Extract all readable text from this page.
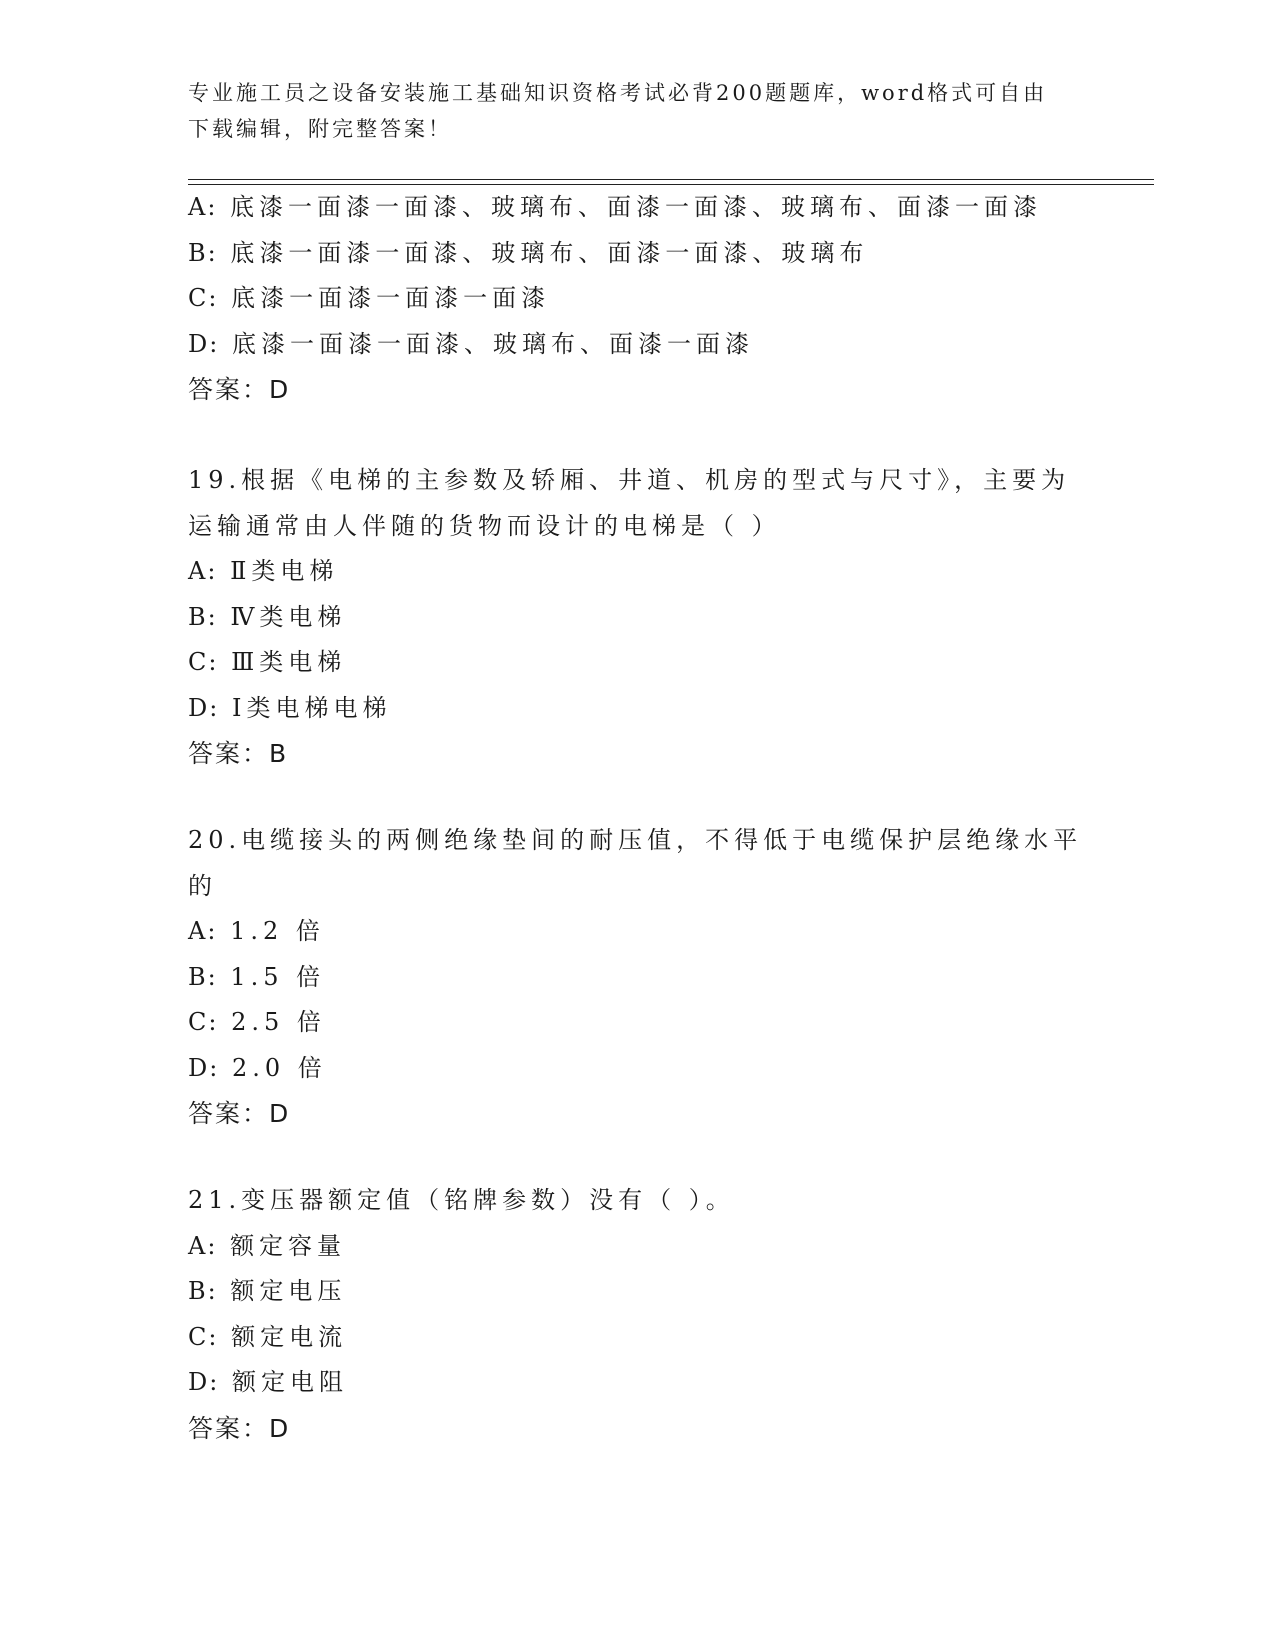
专业施工员之设备安装施工基础知识资格考试必背200题题库，word格式可自由
下载编辑，附完整答案！
A: 底漆一面漆一面漆、玻璃布、面漆一面漆、玻璃布、面漆一面漆
B: 底漆一面漆一面漆、玻璃布、面漆一面漆、玻璃布
C: 底漆一面漆一面漆一面漆
D: 底漆一面漆一面漆、玻璃布、面漆一面漆
答案：D
19.根据《电梯的主参数及轿厢、井道、机房的型式与尺寸》，主要为
运输通常由人伴随的货物而设计的电梯是（ ）
A: Ⅱ类电梯
B: Ⅳ类电梯
C: Ⅲ类电梯
D: Ⅰ类电梯电梯
答案：B
20.电缆接头的两侧绝缘垫间的耐压值，不得低于电缆保护层绝缘水平
的
A: 1.2 倍
B: 1.5 倍
C: 2.5 倍
D: 2.0 倍
答案：D
21.变压器额定值（铭牌参数）没有（ ）。
A: 额定容量
B: 额定电压
C: 额定电流
D: 额定电阻
答案：D
